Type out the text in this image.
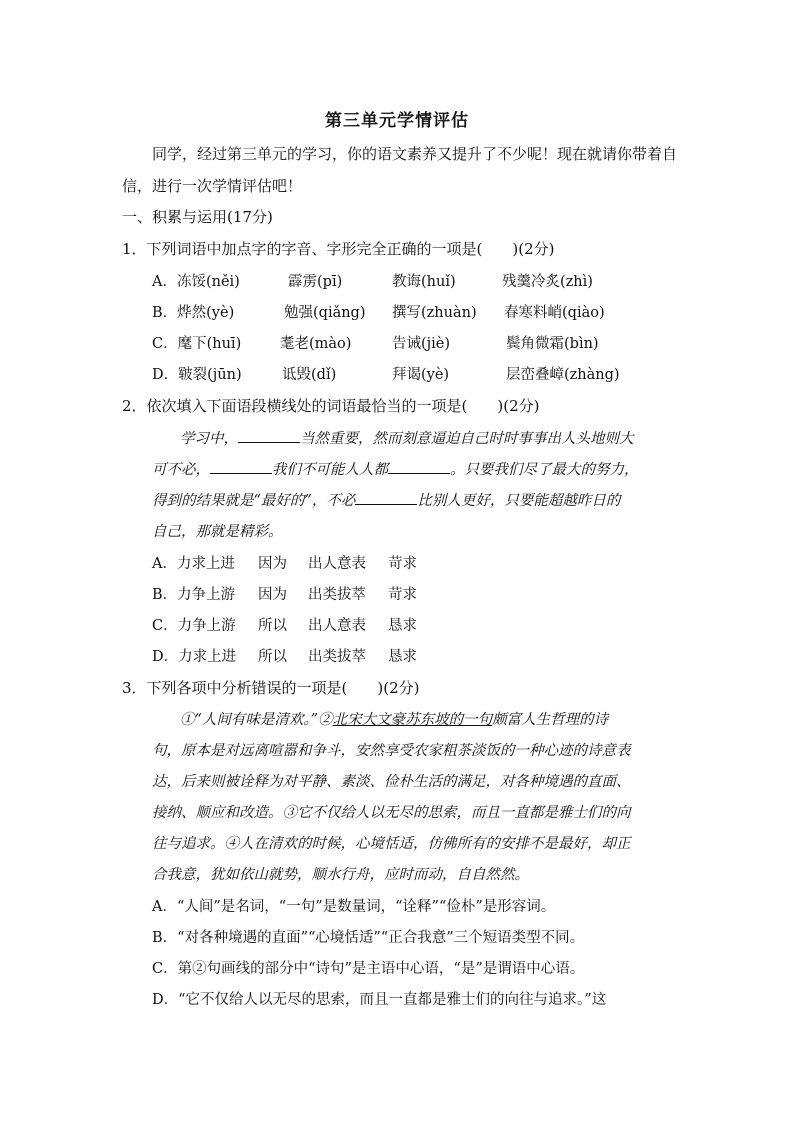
第三单元学情评估
同学，经过第三单元的学习，你的语文素养又提升了不少呢！现在就请你带着自信，进行一次学情评估吧！
一、积累与运用(17分)
1．下列词语中加点字的字音、字形完全正确的一项是(　　)(2分)
A．冻馁(něi)	霹雳(pī)	教诲(huǐ)	残羹冷炙(zhì)
B．烨然(yè)	勉强(qiǎng) 撰写(zhuàn) 春寒料峭(qiào)
C．麾下(huī)	耄老(mào)	告诫(jiè)	鬓角微霜(bìn)
D．皲裂(jūn)	诋毁(dǐ)	拜谒(yè)	层峦叠嶂(zhàng)
2．依次填入下面语段横线处的词语最恰当的一项是(　　)(2分)
学习中，	当然重要，然而刻意逼迫自己时时事事出人头地则大
可不必，	我们不可能人人都	。只要我们尽了最大的努力，
得到的结果就是“最好的”，不必	比别人更好，只要能超越昨日的
自己，那就是精彩。
A．力求上进 因为 出人意表 苛求
B．力争上游 因为 出类拔萃 苛求
C．力争上游 所以 出人意表 恳求
D．力求上进 所以 出类拔萃 恳求
3．下列各项中分析错误的一项是(　　)(2分)
①“人间有味是清欢。”②北宋大文豪苏东坡的一句颇富人生哲理的诗
句，原本是对远离喧嚣和争斗，安然享受农家粗茶淡饭的一种心迹的诗意表
达，后来则被诠释为对平静、素淡、俭朴生活的满足，对各种境遇的直面、
接纳、顺应和改造。③它不仅给人以无尽的思索，而且一直都是雅士们的向
往与追求。④人在清欢的时候，心境恬适，仿佛所有的安排不是最好，却正
合我意，犹如依山就势，顺水行舟，应时而动，自自然然。
A．“人间”是名词，“一句”是数量词，“诠释”“俭朴”是形容词。
B．“对各种境遇的直面”“心境恬适”“正合我意”三个短语类型不同。
C．第②句画线的部分中“诗句”是主语中心语，“是”是谓语中心语。
D．“它不仅给人以无尽的思索，而且一直都是雅士们的向往与追求。”这
